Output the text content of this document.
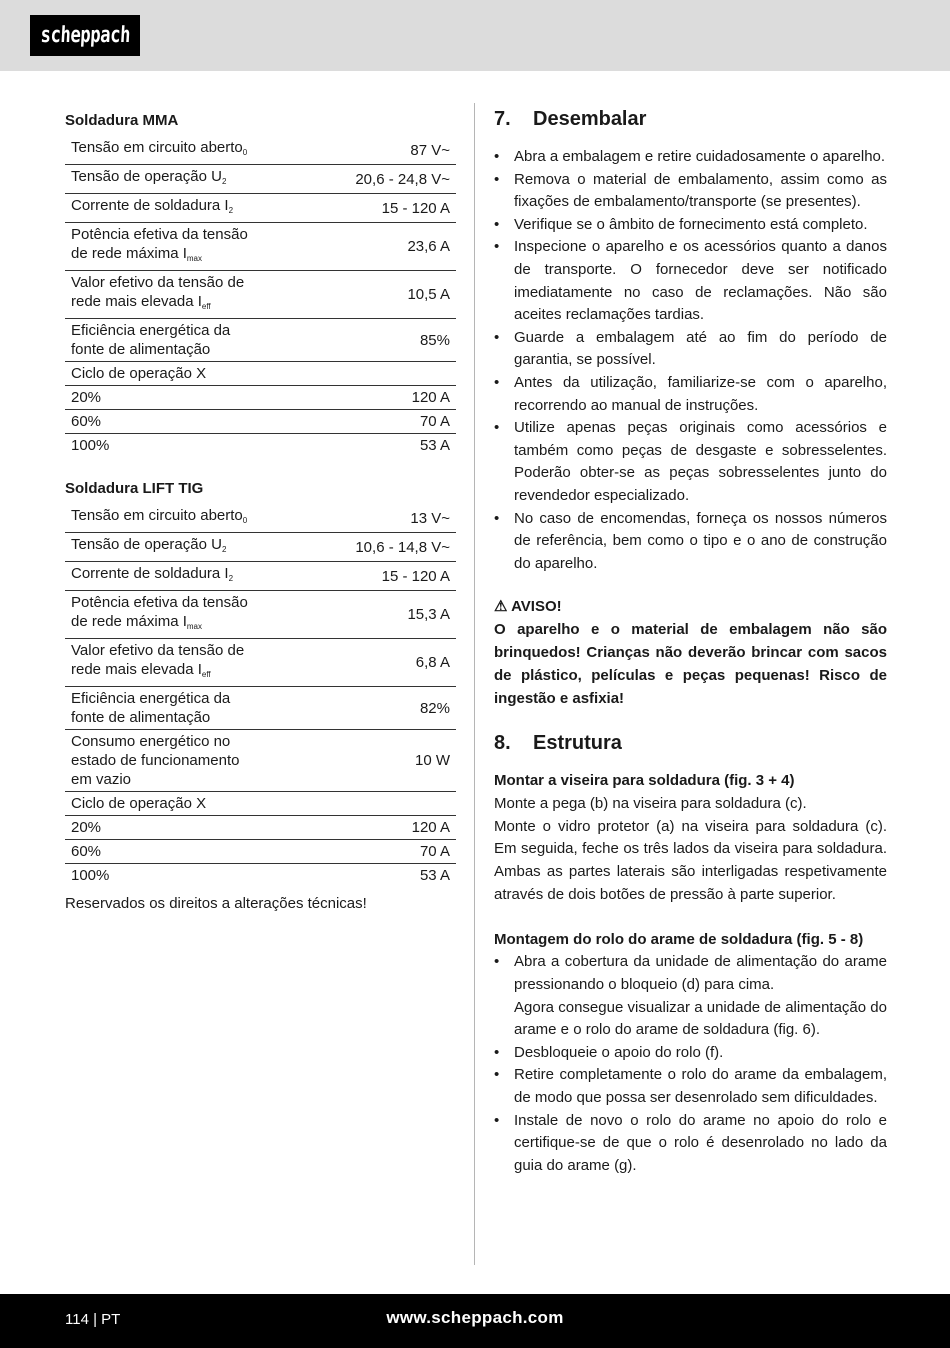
scheppach
Soldadura MMA
Tensão em circuito aberto$_0$	87 V~
Tensão de operação $U_2$	20,6 - 24,8 V~
Corrente de soldadura $I_2$	15 - 120 A
Potência efetiva da tensão de rede máxima $I_{max}$	23,6 A
Valor efetivo da tensão de rede mais elevada $I_{eff}$	10,5 A
Eficiência energética da fonte de alimentação	85%
Ciclo de operação X	
20%	120 A
60%	70 A
100%	53 A
Soldadura LIFT TIG
Tensão em circuito aberto$_0$	13 V~
Tensão de operação $U_2$	10,6 - 14,8 V~
Corrente de soldadura $I_2$	15 - 120 A
Potência efetiva da tensão de rede máxima $I_{max}$	15,3 A
Valor efetivo da tensão de rede mais elevada $I_{eff}$	6,8 A
Eficiência energética da fonte de alimentação	82%
Consumo energético no estado de funcionamento em vazio	10 W
Ciclo de operação X	
20%	120 A
60%	70 A
100%	53 A
Reservados os direitos a alterações técnicas!
7.	Desembalar
• Abra a embalagem e retire cuidadosamente o aparelho.
• Remova o material de embalamento, assim como as fixações de embalamento/transporte (se presentes).
• Verifique se o âmbito de fornecimento está completo.
• Inspecione o aparelho e os acessórios quanto a danos de transporte. O fornecedor deve ser notificado imediatamente no caso de reclamações. Não são aceites reclamações tardias.
• Guarde a embalagem até ao fim do período de garantia, se possível.
• Antes da utilização, familiarize-se com o aparelho, recorrendo ao manual de instruções.
• Utilize apenas peças originais como acessórios e também como peças de desgaste e sobresselentes. Poderão obter-se as peças sobresselentes junto do revendedor especializado.
• No caso de encomendas, forneça os nossos números de referência, bem como o tipo e o ano de construção do aparelho.
⚠ AVISO!
O aparelho e o material de embalagem não são brinquedos! Crianças não deverão brincar com sacos de plástico, películas e peças pequenas! Risco de ingestão e asfixia!
8.	Estrutura
Montar a viseira para soldadura (fig. 3 + 4)
Monte a pega (b) na viseira para soldadura (c).
Monte o vidro protetor (a) na viseira para soldadura (c). Em seguida, feche os três lados da viseira para soldadura. Ambas as partes laterais são interligadas respetivamente através de dois botões de pressão à parte superior.
Montagem do rolo do arame de soldadura (fig. 5 - 8)
• Abra a cobertura da unidade de alimentação do arame pressionando o bloqueio (d) para cima.
Agora consegue visualizar a unidade de alimentação do arame e o rolo do arame de soldadura (fig. 6).
• Desbloqueie o apoio do rolo (f).
• Retire completamente o rolo do arame da embalagem, de modo que possa ser desenrolado sem dificuldades.
• Instale de novo o rolo do arame no apoio do rolo e certifique-se de que o rolo é desenrolado no lado da guia do arame (g).
114 | PT	www.scheppach.com
